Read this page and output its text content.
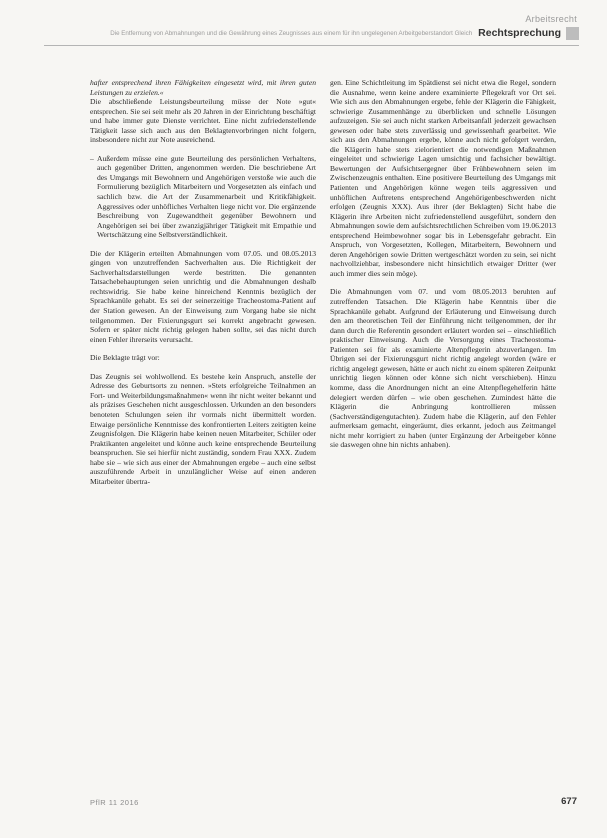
Arbeitsrecht
Die Entfernung von Abmahnungen und die Gewährung eines Zeugnisses aus einem für ihn ungelegenen Arbeitgeberstandort Gleich Rechtsprechung

hafter entsprechend ihren Fähigkeiten eingesetzt wird, mit ihren guten Leistungen zu erzielen.«

Die abschließende Leistungsbeurteilung müsse der Note »gut« entsprechen. Sie sei seit mehr als 20 Jahren in der Einrichtung beschäftigt und habe immer gute Dienste verrichtet. Eine nicht zufriedenstellende Tätigkeit lasse sich auch aus den Beklagtenvorbringen nicht folgern, insbesondere nicht zur Note ausreichend.

– Außerdem müsse eine gute Beurteilung des persönlichen Verhaltens, auch gegenüber Dritten, angenommen werden. Die beschriebene Art des Umgangs mit Bewohnern und Angehörigen verstoße wie auch die Formulierung bezüglich Mitarbeitern und Vorgesetzten als einfach und sachlich bzw. die Art der Zusammenarbeit und Kritikfähigkeit. Aggressives oder unhöfliches Verhalten liege nicht vor. Die ergänzende Beschreibung von Zugewandtheit gegenüber Bewohnern und Angehörigen sei bei über zwanzigjähriger Tätigkeit mit Empathie und Wertschätzung eine Selbstverständlichkeit.

Die der Klägerin erteilten Abmahnungen vom 07.05. und 08.05.2013 gingen von unzutreffenden Sachverhalten aus. Die Richtigkeit der Sachverhaltsdarstellungen werde bestritten. Die genannten Tatsachebehauptungen seien unrichtig und die Abmahnungen deshalb rechtswidrig. Sie habe keine hinreichend Kenntnis bezüglich der Sprachkanüle gehabt. Es sei der seinerzeitige Tracheostoma-Patient auf der Station gewesen. An der Einweisung zum Vorgang habe sie nicht teilgenommen. Der Fixierungsgurt sei korrekt angebracht gewesen. Sofern er später nicht richtig gelegen haben sollte, sei das nicht durch einen Fehler ihrerseits verursacht.

Die Beklagte trägt vor:

Das Zeugnis sei wohlwollend. Es bestehe kein Anspruch, anstelle der Adresse des Geburtsorts zu nennen. »Stets erfolgreiche Teilnahmen an Fort- und Weiterbildungsmaßnahmen« wenn ihr nicht weiter bekannt und als präzises Geschehen nicht ausgeschlossen. Urkunden an den besonders benoteten Schulungen seien ihr vormals nicht übermittelt worden. Etwaige persönliche Kenntnisse des konfrontierten Leiters zeitigten keine Zeugnisfolgen. Die Klägerin habe keinen neuen Mitarbeiter, Schüler oder Praktikanten angeleitet und könne auch keine entsprechende Beurteilung beanspruchen. Sie sei hierfür nicht zuständig, sondern Frau XXX. Zudem habe sie – wie sich aus einer der Abmahnungen ergebe – auch eine selbst auszuführende Arbeit in unzulänglicher Weise auf einen anderen Mitarbeiter übertra-

gen. Eine Schichtleitung im Spätdienst sei nicht etwa die Regel, sondern die Ausnahme, wenn keine andere examinierte Pflegekraft vor Ort sei. Wie sich aus den Abmahnungen ergebe, fehle der Klägerin die Fähigkeit, schwierige Zusammenhänge zu überblicken und schnelle Lösungen aufzuzeigen. Sie sei auch nicht starken Arbeitsanfall jederzeit gewachsen gewesen oder habe stets zuverlässig und gewissenhaft gearbeitet. Wie sich aus den Abmahnungen ergebe, könne auch nicht gefolgert werden, die Klägerin habe stets zielorientiert die notwendigen Maßnahmen eingeleitet und schwierige Lagen umsichtig und fachsicher bewältigt. Bewertungen der Aufsichtsergegner über Frühbewohnern seien im Zwischenzeugnis enthalten. Eine positivere Beurteilung des Umgangs mit Patienten und Angehörigen könne wegen teils aggressiven und unhöflichen Auftretens entsprechend Angehörigenbeschwerden nicht erfolgen (Zeugnis XXX). Aus ihrer (der Beklagten) Sicht habe die Klägerin ihre Arbeiten nicht zufriedenstellend ausgeführt, sondern den Abmahnungen sowie dem aufsichtsrechtlichen Schreiben vom 19.06.2013 entsprechend Heimbewohner sogar bis in Lebensgefahr gebracht. Ein Anspruch, von Vorgesetzten, Kollegen, Mitarbeitern, Bewohnern und deren Angehörigen sowie Dritten wertgeschätzt worden zu sein, sei nicht nachvollziehbar, insbesondere nicht hinsichtlich etwaiger Dritter (wer auch immer dies sein möge).

Die Abmahnungen vom 07. und vom 08.05.2013 beruhten auf zutreffenden Tatsachen. Die Klägerin habe Kenntnis über die Sprachkanüle gehabt. Aufgrund der Erläuterung und Einweisung durch den am theoretischen Teil der Einführung nicht teilgenommen, der ihr dann durch die Referentin gesondert erläutert worden sei – einschließlich praktischer Einweisung. Auch die Versorgung eines Tracheostoma-Patienten sei für als examinierte Altenpflegerin abzuverlangen. Im Übrigen sei der Fixierungsgurt nicht richtig angelegt worden (wäre er richtig angelegt gewesen, hätte er auch nicht zu einem späteren Zeitpunkt unrichtig liegen können oder könne sich nicht verschieben). Hinzu komme, dass die Anordnungen nicht an eine Altenpflegehelferin hätte delegiert werden dürfen – wie oben geschehen. Zumindest hätte die Klägerin die Anbringung kontrollieren müssen (Sachverständigengutachten). Zudem habe die Klägerin, auf den Fehler aufmerksam gemacht, eingeräumt, dies erkannt, jedoch aus Zeitmangel nicht mehr korrigiert zu haben (unter Ergänzung der Arbeitgeber könne sie daswegen ohne hin nichts anhaben).

PflR 11 2016	677
